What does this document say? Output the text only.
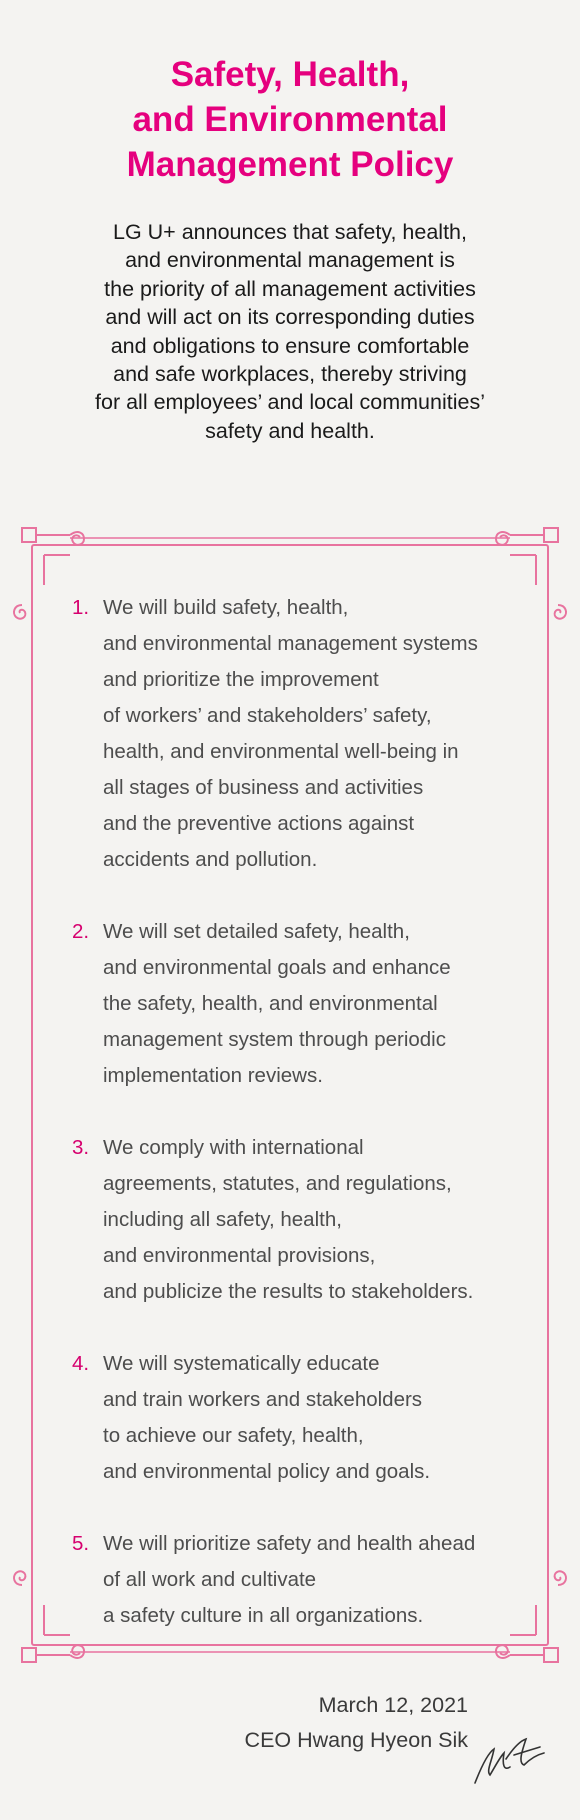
Safety, Health,
and Environmental
Management Policy
LG U+ announces that safety, health,
and environmental management is
the priority of all management activities
and will act on its corresponding duties
and obligations to ensure comfortable
and safe workplaces, thereby striving
for all employees’ and local communities’
safety and health.
1. We will build safety, health,
and environmental management systems
and prioritize the improvement
of workers’ and stakeholders’ safety,
health, and environmental well-being in
all stages of business and activities
and the preventive actions against
accidents and pollution.
2. We will set detailed safety, health,
and environmental goals and enhance
the safety, health, and environmental
management system through periodic
implementation reviews.
3. We comply with international
agreements, statutes, and regulations,
including all safety, health,
and environmental provisions,
and publicize the results to stakeholders.
4. We will systematically educate
and train workers and stakeholders
to achieve our safety, health,
and environmental policy and goals.
5. We will prioritize safety and health ahead
of all work and cultivate
a safety culture in all organizations.
March 12, 2021
CEO Hwang Hyeon Sik
